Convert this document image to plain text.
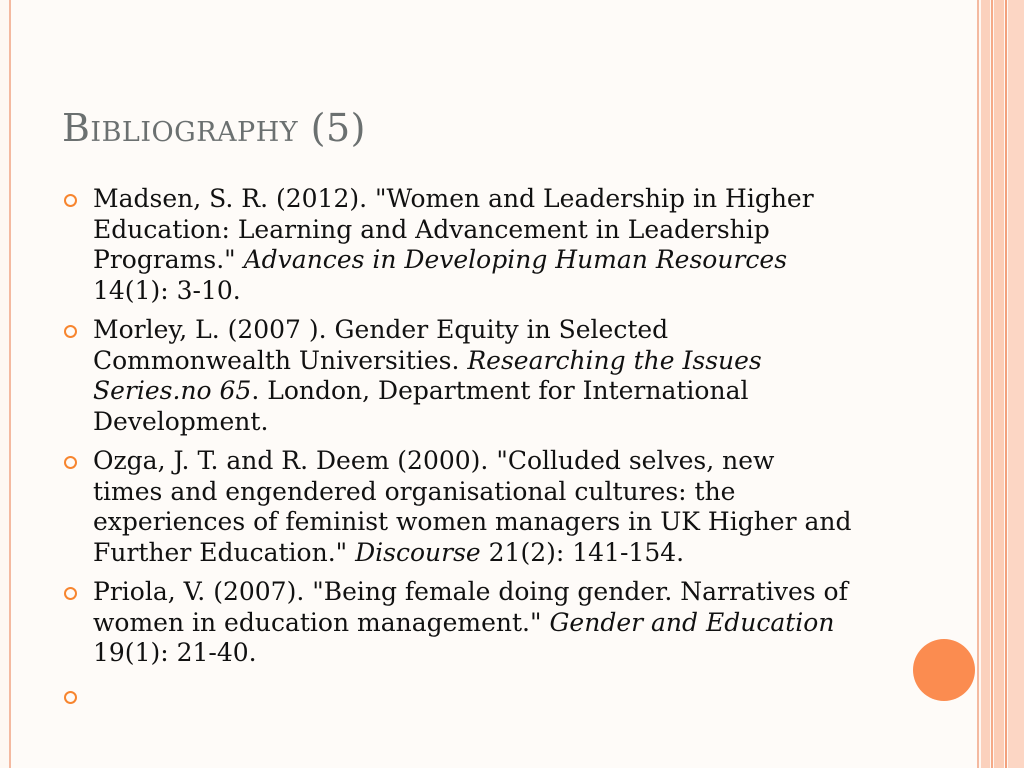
Bibliography (5)
Madsen, S. R. (2012). "Women and Leadership in Higher
Education: Learning and Advancement in Leadership
Programs." Advances in Developing Human Resources
14(1): 3-10.
Morley, L. (2007 ). Gender Equity in Selected
Commonwealth Universities. Researching the Issues
Series.no 65. London, Department for International
Development.
Ozga, J. T. and R. Deem (2000). "Colluded selves, new
times and engendered organisational cultures: the
experiences of feminist women managers in UK Higher and
Further Education." Discourse 21(2): 141-154.
Priola, V. (2007). "Being female doing gender. Narratives of
women in education management." Gender and Education
19(1): 21-40.
